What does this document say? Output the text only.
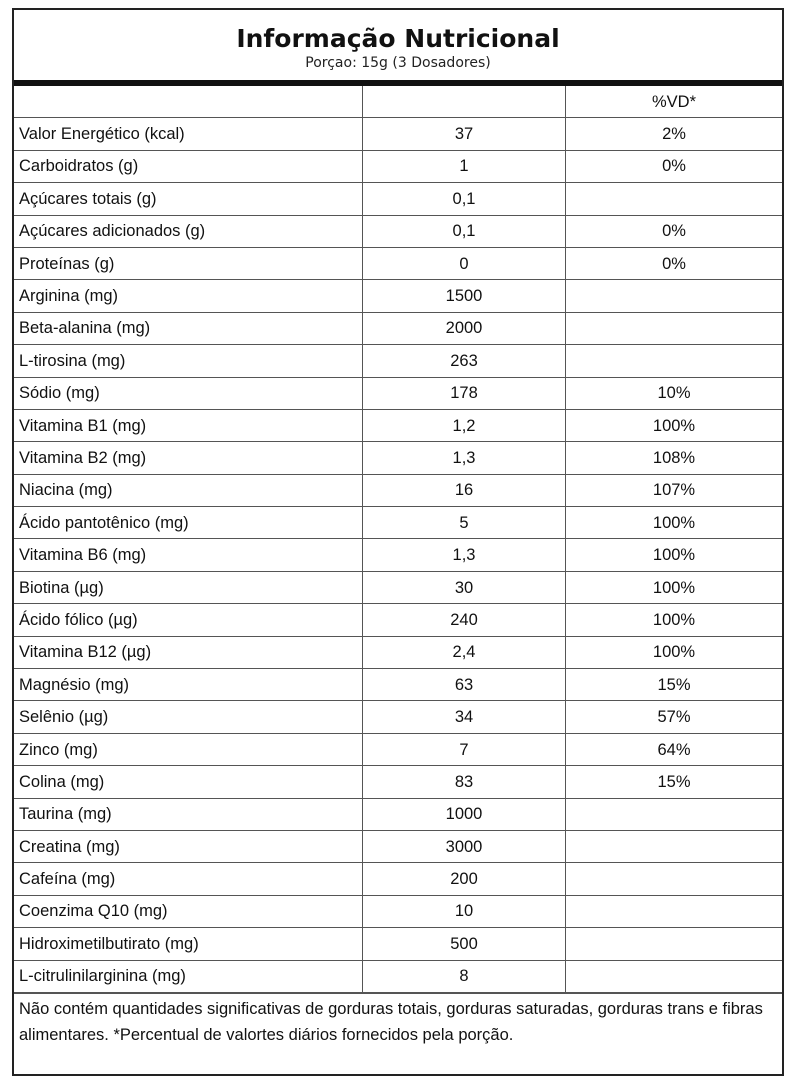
Informação Nutricional
Porçao: 15g (3 Dosadores)
		%VD*
Valor Energético (kcal)	37	2%
Carboidratos (g)	1	0%
Açúcares totais (g)	0,1	
Açúcares adicionados (g)	0,1	0%
Proteínas (g)	0	0%
Arginina (mg)	1500	
Beta-alanina (mg)	2000	
L-tirosina (mg)	263	
Sódio (mg)	178	10%
Vitamina B1 (mg)	1,2	100%
Vitamina B2 (mg)	1,3	108%
Niacina (mg)	16	107%
Ácido pantotênico (mg)	5	100%
Vitamina B6 (mg)	1,3	100%
Biotina (µg)	30	100%
Ácido fólico (µg)	240	100%
Vitamina B12 (µg)	2,4	100%
Magnésio (mg)	63	15%
Selênio (µg)	34	57%
Zinco (mg)	7	64%
Colina (mg)	83	15%
Taurina (mg)	1000	
Creatina (mg)	3000	
Cafeína (mg)	200	
Coenzima Q10 (mg)	10	
Hidroximetilbutirato (mg)	500	
L-citrulinilarginina (mg)	8	
Não contém quantidades significativas de gorduras totais, gorduras saturadas, gorduras trans e fibras alimentares. *Percentual de valortes diários fornecidos pela porção.
